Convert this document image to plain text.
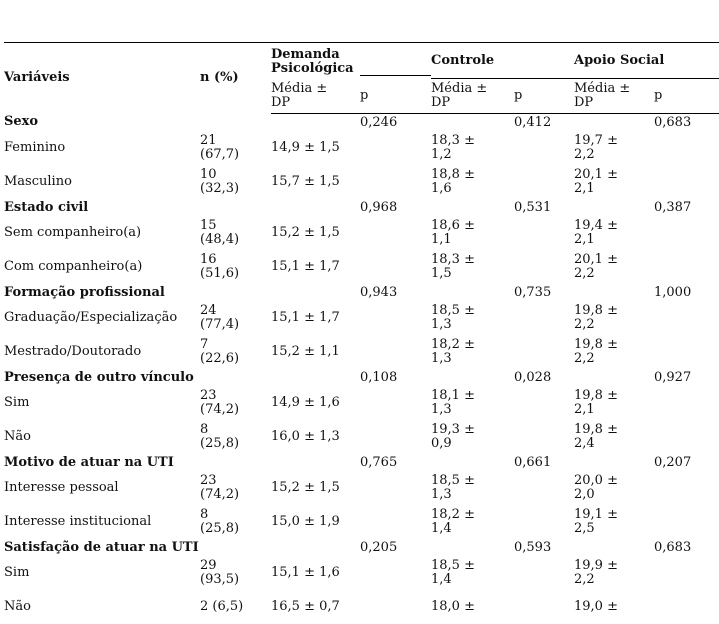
Variáveis	n (%)	Demanda Psicológica		Controle		Apoio Social	

		Média ± DP	p	Média ± DP	p	Média ± DP	p

Sexo			0,246		0,412		0,683

Feminino	21 (67,7)	14,9 ± 1,5		18,3 ± 1,2		19,7 ± 2,2	

Masculino	10 (32,3)	15,7 ± 1,5		18,8 ± 1,6		20,1 ± 2,1	

Estado civil			0,968		0,531		0,387

Sem companheiro(a)	15 (48,4)	15,2 ± 1,5		18,6 ± 1,1		19,4 ± 2,1	

Com companheiro(a)	16 (51,6)	15,1 ± 1,7		18,3 ± 1,5		20,1 ± 2,2	

Formação profissional			0,943		0,735		1,000

Graduação/Especialização	24 (77,4)	15,1 ± 1,7		18,5 ± 1,3		19,8 ± 2,2	

Mestrado/Doutorado	7 (22,6)	15,2 ± 1,1		18,2 ± 1,3		19,8 ± 2,2	

Presença de outro vínculo			0,108		0,028		0,927

Sim	23 (74,2)	14,9 ± 1,6		18,1 ± 1,3		19,8 ± 2,1	

Não	8 (25,8)	16,0 ± 1,3		19,3 ± 0,9		19,8 ± 2,4	

Motivo de atuar na UTI			0,765		0,661		0,207

Interesse pessoal	23 (74,2)	15,2 ± 1,5		18,5 ± 1,3		20,0 ± 2,0	

Interesse institucional	8 (25,8)	15,0 ± 1,9		18,2 ± 1,4		19,1 ± 2,5	

Satisfação de atuar na UTI			0,205		0,593		0,683

Sim	29 (93,5)	15,1 ± 1,6		18,5 ± 1,4		19,9 ± 2,2	

Não	2 (6,5)	16,5 ± 0,7		18,0 ±		19,0 ±	
